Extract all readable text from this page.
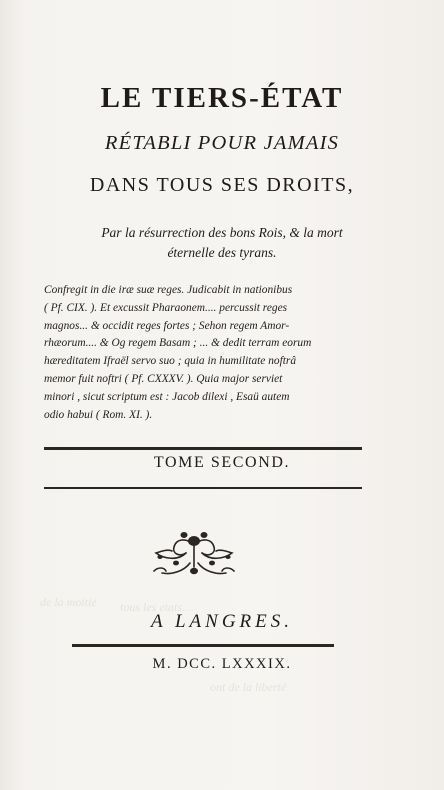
tous les etats....
de la moitié
ont de la liberté
LE TIERS-ÉTAT
RÉTABLI POUR JAMAIS
DANS TOUS SES DROITS,
Par la résurrection des bons Rois, & la mort
éternelle des tyrans.
Confregit in die iræ suæ reges. Judicabit in nationibus
( Pf. CIX. ). Et excussit Pharaonem.... percussit reges
magnos... & occidit reges fortes ; Sehon regem Amor-
rhæorum.... & Og regem Basam ; ... & dedit terram eorum
hæreditatem Ifraël servo suo ; quia in humilitate noftrâ
memor fuit noftri ( Pf. CXXXV. ). Quia major serviet
minori , sicut scriptum est : Jacob dilexi , Esaü autem
odio habui ( Rom. XI. ).
TOME SECOND.
A LANGRES.
M. DCC. LXXXIX.
